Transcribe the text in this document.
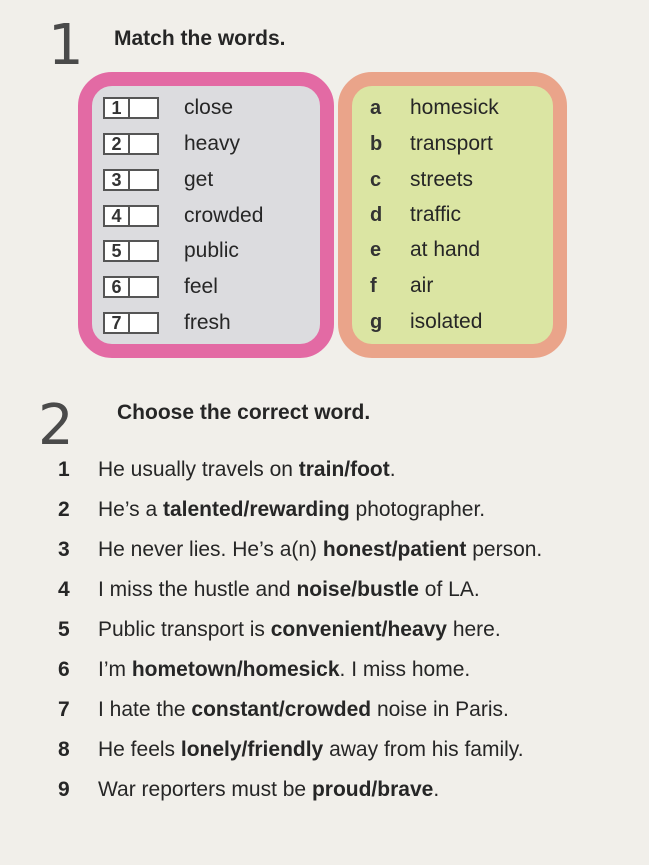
1 Match the words.
1	close
2	heavy
3	get
4	crowded
5	public
6	feel
7	fresh
a	homesick
b	transport
c	streets
d	traffic
e	at hand
f	air
g	isolated
2 Choose the correct word.
1 He usually travels on train/foot.
2 He’s a talented/rewarding photographer.
3 He never lies. He’s a(n) honest/patient person.
4 I miss the hustle and noise/bustle of LA.
5 Public transport is convenient/heavy here.
6 I’m hometown/homesick. I miss home.
7 I hate the constant/crowded noise in Paris.
8 He feels lonely/friendly away from his family.
9 War reporters must be proud/brave.
